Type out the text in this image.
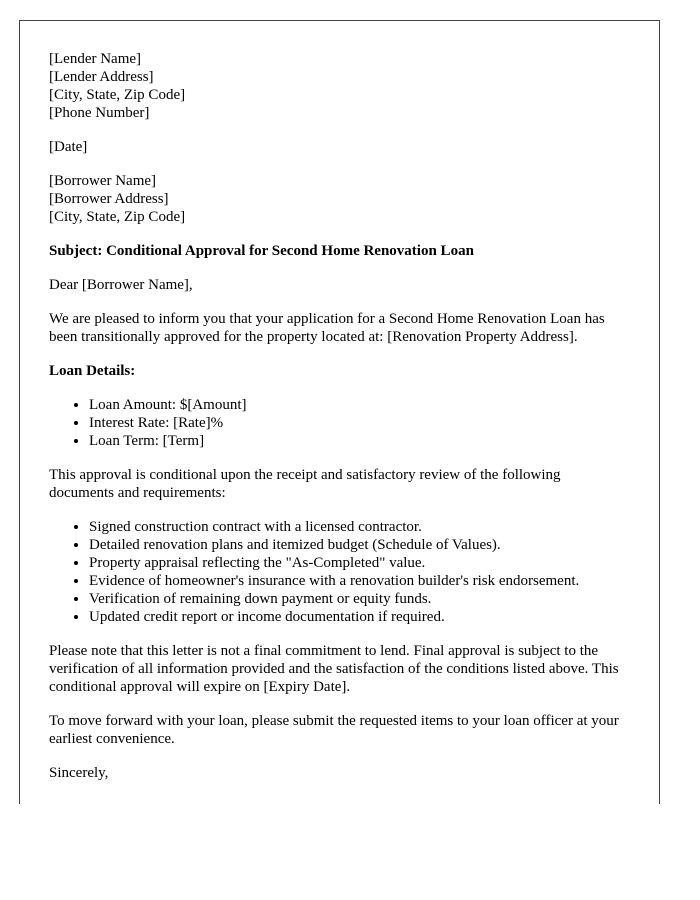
[Lender Name]
[Lender Address]
[City, State, Zip Code]
[Phone Number]
[Date]
[Borrower Name]
[Borrower Address]
[City, State, Zip Code]

Subject: Conditional Approval for Second Home Renovation Loan

Dear [Borrower Name],

We are pleased to inform you that your application for a Second Home Renovation Loan has been transitionally approved for the property located at: [Renovation Property Address].

Loan Details:

• Loan Amount: $[Amount]
• Interest Rate: [Rate]%
• Loan Term: [Term]

This approval is conditional upon the receipt and satisfactory review of the following documents and requirements:

• Signed construction contract with a licensed contractor.
• Detailed renovation plans and itemized budget (Schedule of Values).
• Property appraisal reflecting the "As-Completed" value.
• Evidence of homeowner's insurance with a renovation builder's risk endorsement.
• Verification of remaining down payment or equity funds.
• Updated credit report or income documentation if required.

Please note that this letter is not a final commitment to lend. Final approval is subject to the verification of all information provided and the satisfaction of the conditions listed above. This conditional approval will expire on [Expiry Date].

To move forward with your loan, please submit the requested items to your loan officer at your earliest convenience.

Sincerely,
